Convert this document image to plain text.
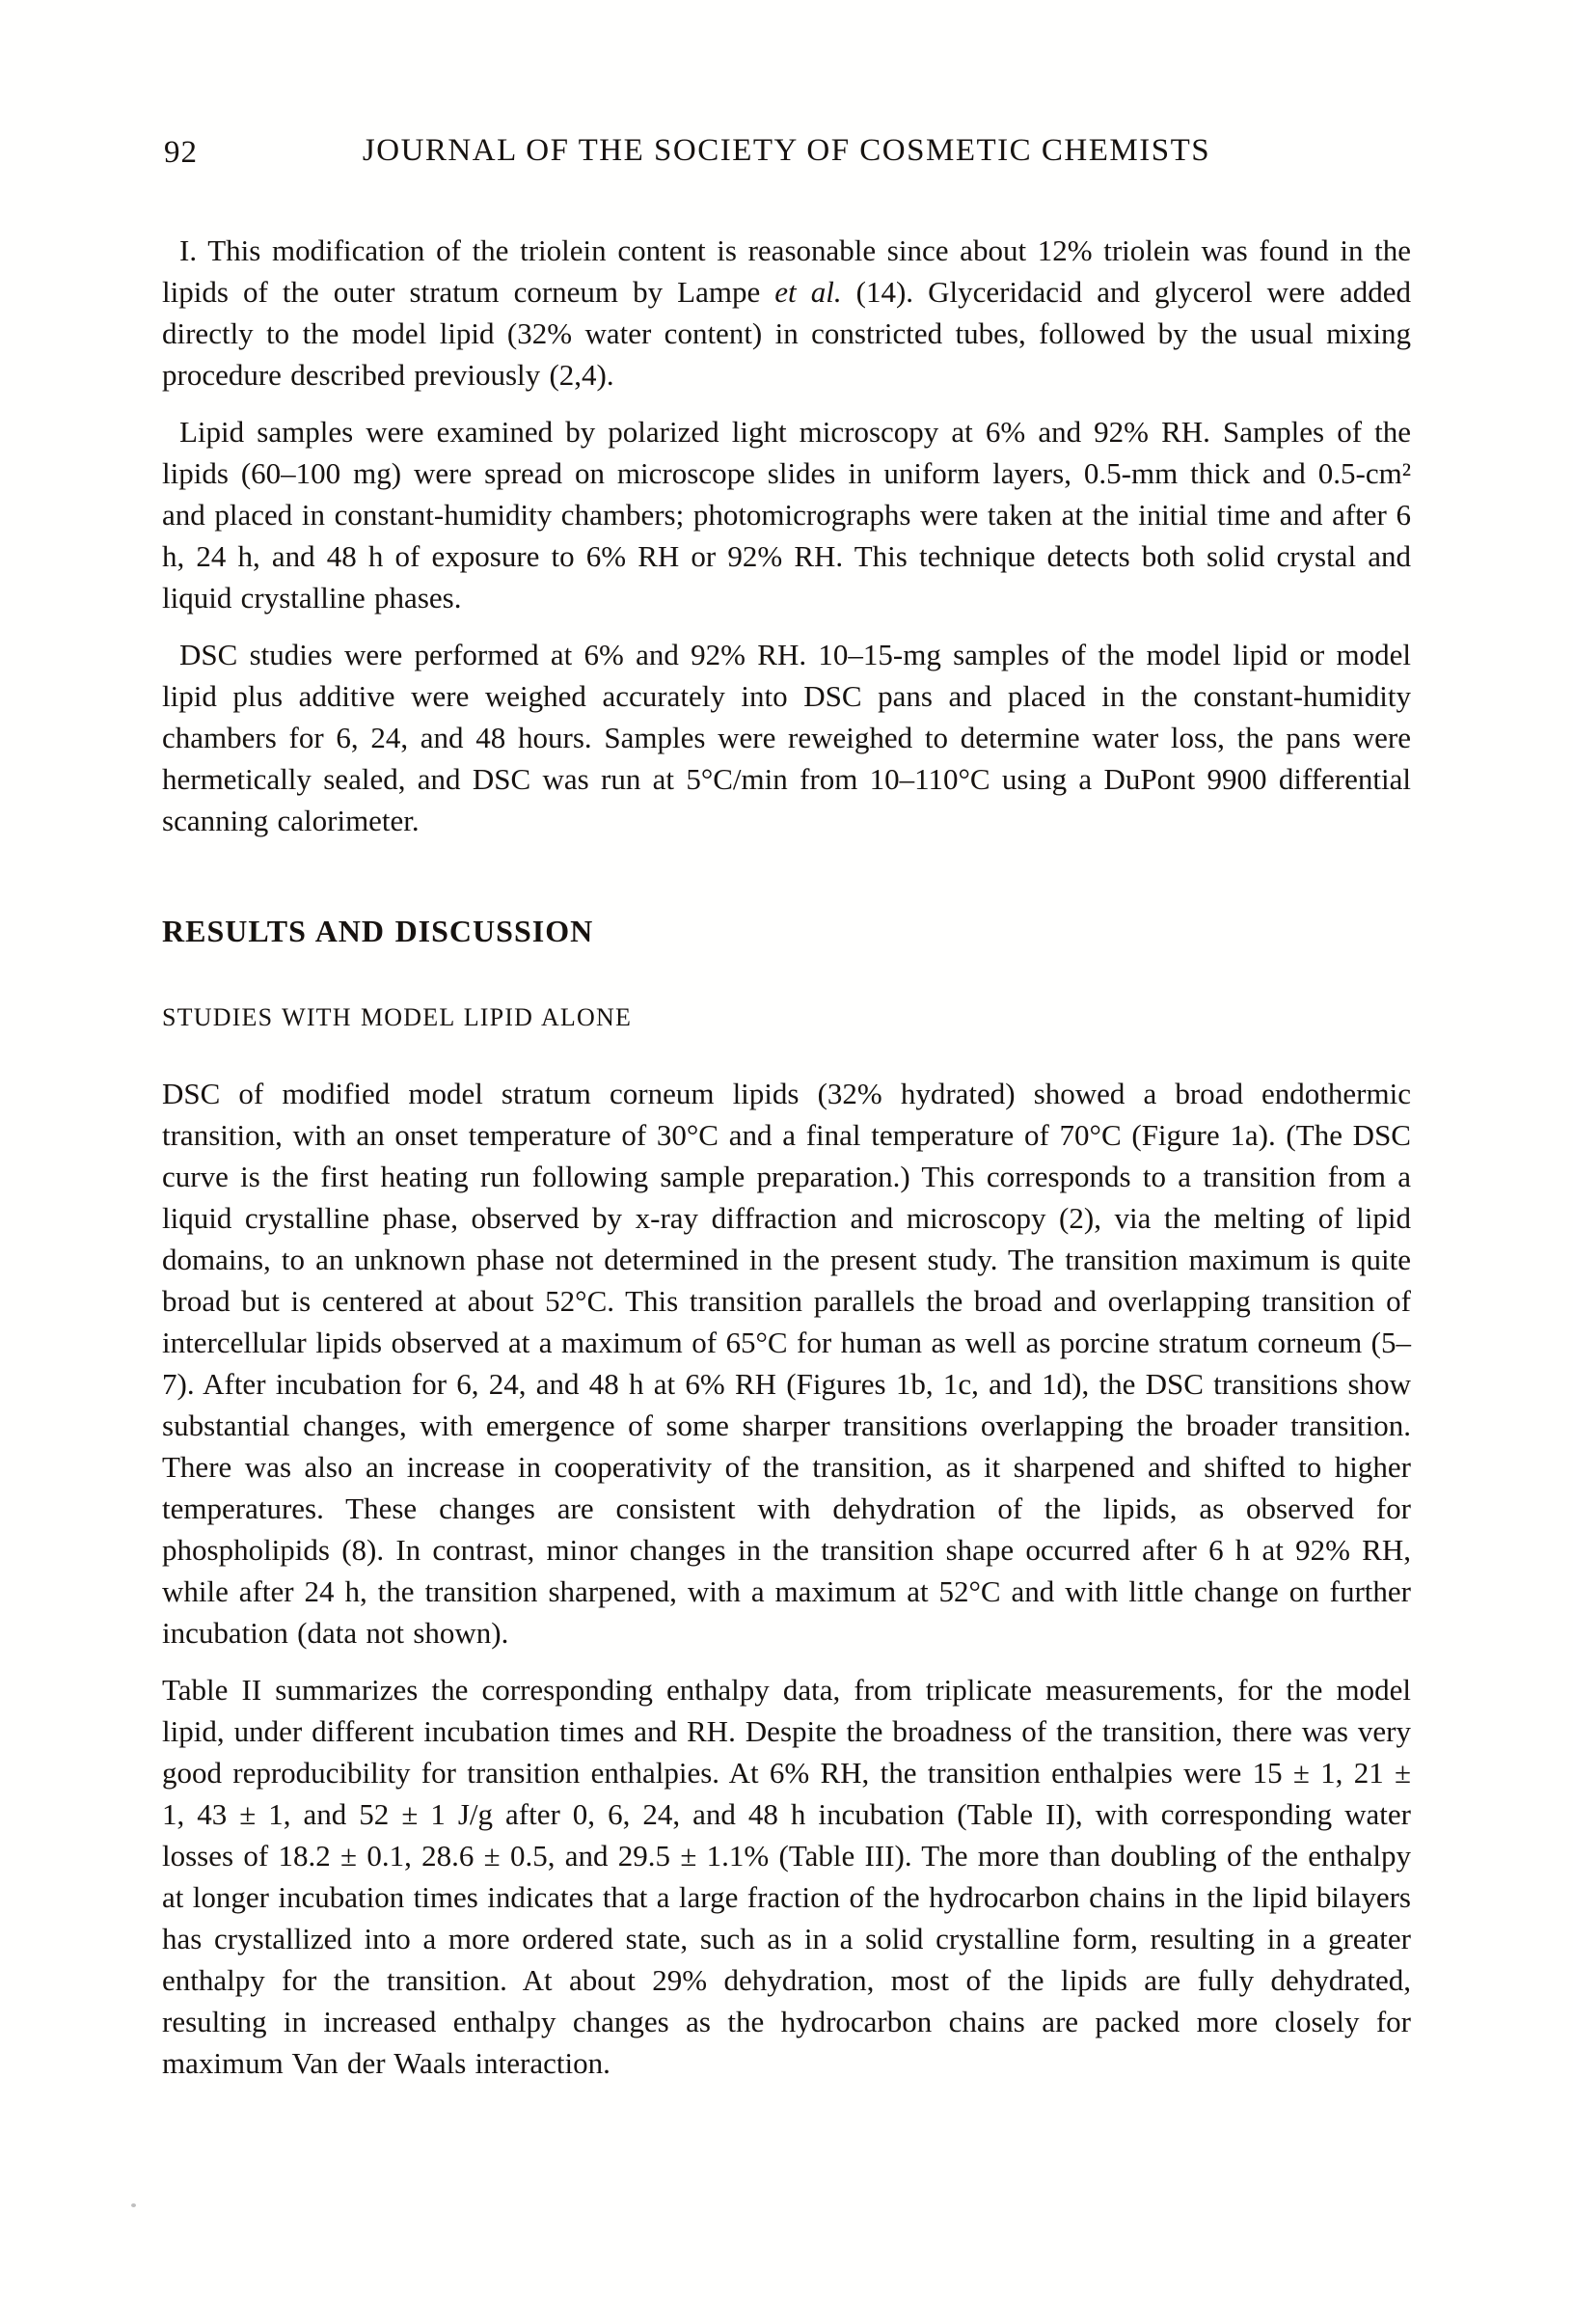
92	JOURNAL OF THE SOCIETY OF COSMETIC CHEMISTS

I. This modification of the triolein content is reasonable since about 12% triolein was found in the lipids of the outer stratum corneum by Lampe et al. (14). Glyceridacid and glycerol were added directly to the model lipid (32% water content) in constricted tubes, followed by the usual mixing procedure described previously (2,4).

Lipid samples were examined by polarized light microscopy at 6% and 92% RH. Samples of the lipids (60–100 mg) were spread on microscope slides in uniform layers, 0.5-mm thick and 0.5-cm² and placed in constant-humidity chambers; photomicrographs were taken at the initial time and after 6 h, 24 h, and 48 h of exposure to 6% RH or 92% RH. This technique detects both solid crystal and liquid crystalline phases.

DSC studies were performed at 6% and 92% RH. 10–15-mg samples of the model lipid or model lipid plus additive were weighed accurately into DSC pans and placed in the constant-humidity chambers for 6, 24, and 48 hours. Samples were reweighed to determine water loss, the pans were hermetically sealed, and DSC was run at 5°C/min from 10–110°C using a DuPont 9900 differential scanning calorimeter.

RESULTS AND DISCUSSION
STUDIES WITH MODEL LIPID ALONE

DSC of modified model stratum corneum lipids (32% hydrated) showed a broad endothermic transition, with an onset temperature of 30°C and a final temperature of 70°C (Figure 1a). (The DSC curve is the first heating run following sample preparation.) This corresponds to a transition from a liquid crystalline phase, observed by x-ray diffraction and microscopy (2), via the melting of lipid domains, to an unknown phase not determined in the present study. The transition maximum is quite broad but is centered at about 52°C. This transition parallels the broad and overlapping transition of intercellular lipids observed at a maximum of 65°C for human as well as porcine stratum corneum (5–7). After incubation for 6, 24, and 48 h at 6% RH (Figures 1b, 1c, and 1d), the DSC transitions show substantial changes, with emergence of some sharper transitions overlapping the broader transition. There was also an increase in cooperativity of the transition, as it sharpened and shifted to higher temperatures. These changes are consistent with dehydration of the lipids, as observed for phospholipids (8). In contrast, minor changes in the transition shape occurred after 6 h at 92% RH, while after 24 h, the transition sharpened, with a maximum at 52°C and with little change on further incubation (data not shown).

Table II summarizes the corresponding enthalpy data, from triplicate measurements, for the model lipid, under different incubation times and RH. Despite the broadness of the transition, there was very good reproducibility for transition enthalpies. At 6% RH, the transition enthalpies were 15 ± 1, 21 ± 1, 43 ± 1, and 52 ± 1 J/g after 0, 6, 24, and 48 h incubation (Table II), with corresponding water losses of 18.2 ± 0.1, 28.6 ± 0.5, and 29.5 ± 1.1% (Table III). The more than doubling of the enthalpy at longer incubation times indicates that a large fraction of the hydrocarbon chains in the lipid bilayers has crystallized into a more ordered state, such as in a solid crystalline form, resulting in a greater enthalpy for the transition. At about 29% dehydration, most of the lipids are fully dehydrated, resulting in increased enthalpy changes as the hydrocarbon chains are packed more closely for maximum Van der Waals interaction.
